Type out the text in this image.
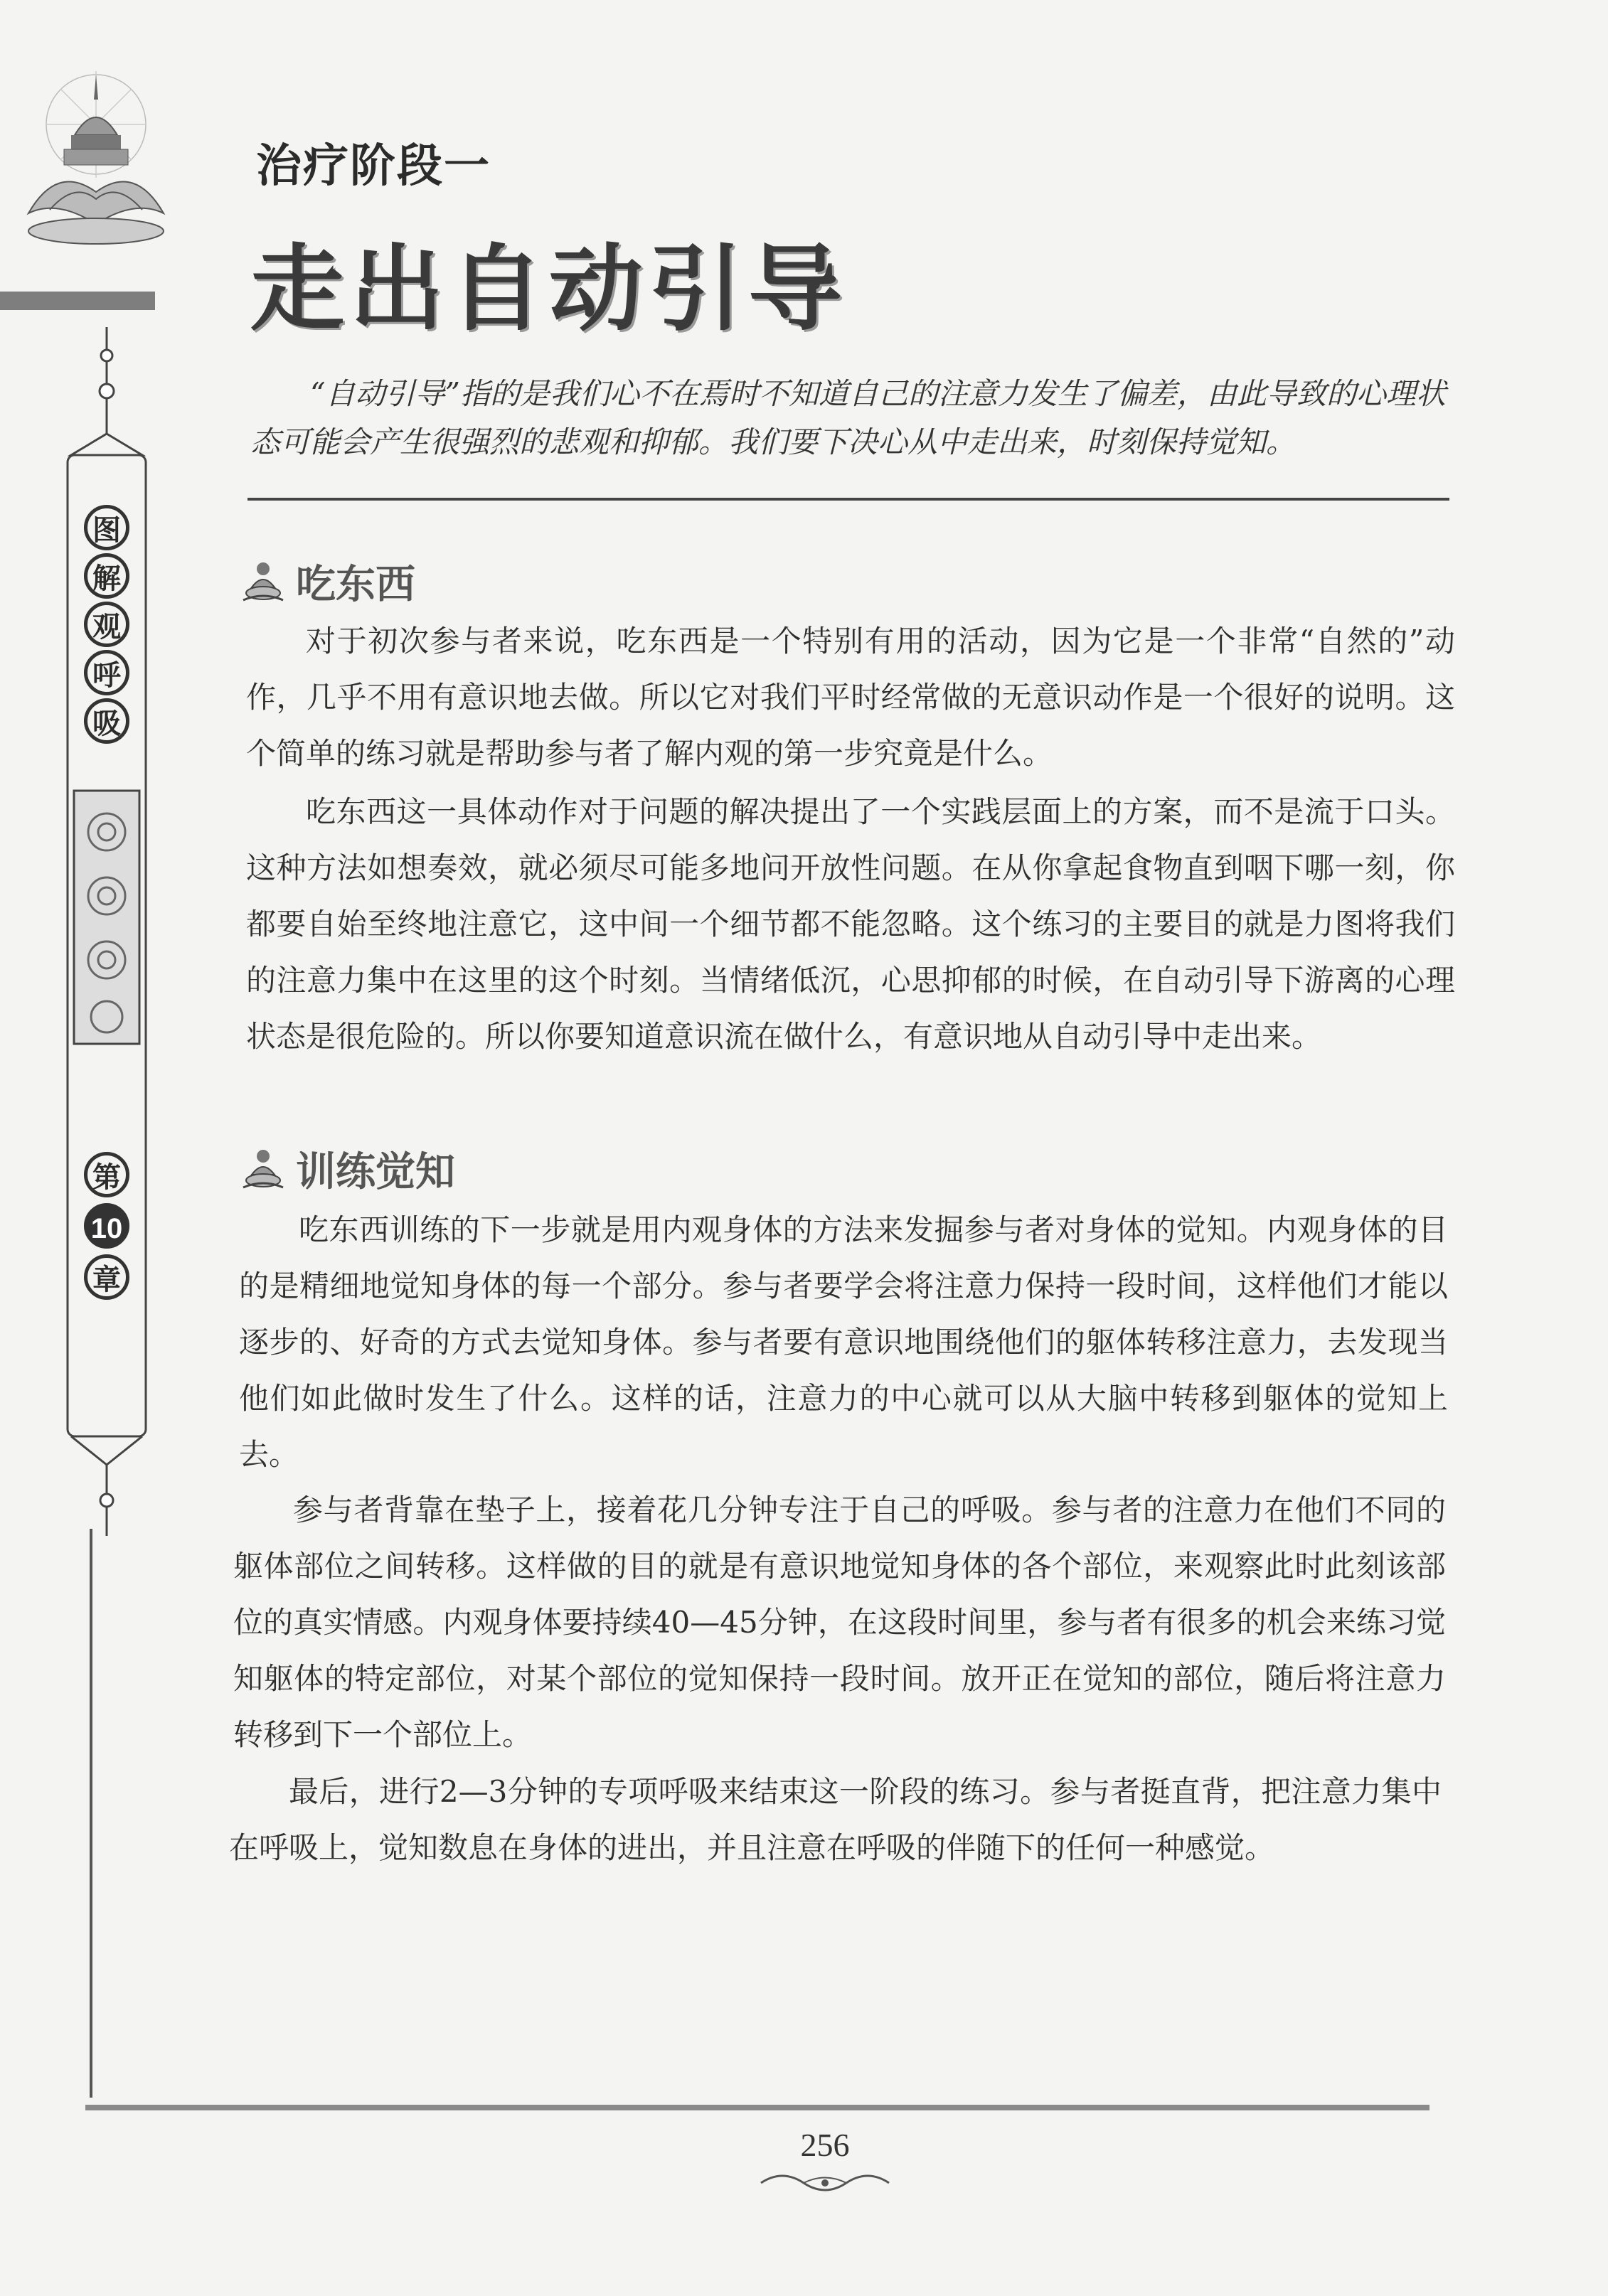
图
解
观
呼
吸
第
10
章
治疗阶段一
走出自动引导
“自动引导”指的是我们心不在焉时不知道自己的注意力发生了偏差，由此导致的心理状态可能会产生很强烈的悲观和抑郁。我们要下决心从中走出来，时刻保持觉知。
吃东西
对于初次参与者来说，吃东西是一个特别有用的活动，因为它是一个非常“自然的”动作，几乎不用有意识地去做。所以它对我们平时经常做的无意识动作是一个很好的说明。这个简单的练习就是帮助参与者了解内观的第一步究竟是什么。
吃东西这一具体动作对于问题的解决提出了一个实践层面上的方案，而不是流于口头。这种方法如想奏效，就必须尽可能多地问开放性问题。在从你拿起食物直到咽下哪一刻，你都要自始至终地注意它，这中间一个细节都不能忽略。这个练习的主要目的就是力图将我们的注意力集中在这里的这个时刻。当情绪低沉，心思抑郁的时候，在自动引导下游离的心理状态是很危险的。所以你要知道意识流在做什么，有意识地从自动引导中走出来。
训练觉知
吃东西训练的下一步就是用内观身体的方法来发掘参与者对身体的觉知。内观身体的目的是精细地觉知身体的每一个部分。参与者要学会将注意力保持一段时间，这样他们才能以逐步的、好奇的方式去觉知身体。参与者要有意识地围绕他们的躯体转移注意力，去发现当他们如此做时发生了什么。这样的话，注意力的中心就可以从大脑中转移到躯体的觉知上去。
参与者背靠在垫子上，接着花几分钟专注于自己的呼吸。参与者的注意力在他们不同的躯体部位之间转移。这样做的目的就是有意识地觉知身体的各个部位，来观察此时此刻该部位的真实情感。内观身体要持续40—45分钟，在这段时间里，参与者有很多的机会来练习觉知躯体的特定部位，对某个部位的觉知保持一段时间。放开正在觉知的部位，随后将注意力转移到下一个部位上。
最后，进行2—3分钟的专项呼吸来结束这一阶段的练习。参与者挺直背，把注意力集中在呼吸上，觉知数息在身体的进出，并且注意在呼吸的伴随下的任何一种感觉。
256
